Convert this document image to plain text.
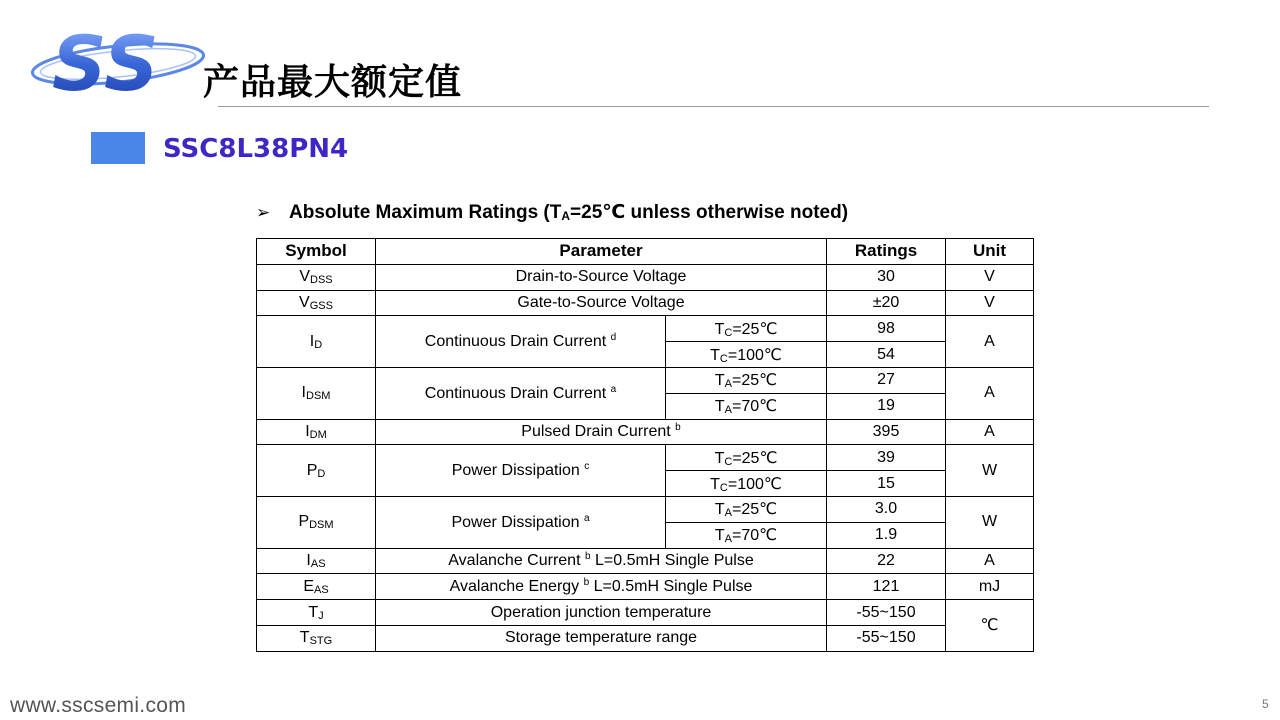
SS 产品最大额定值
SSC8L38PN4
➢ Absolute Maximum Ratings ($T_A=25℃$ unless otherwise noted)
Symbol	Parameter		Ratings	Unit
VDSS	Drain-to-Source Voltage		30	V
VGSS	Gate-to-Source Voltage		±20	V
ID	Continuous Drain Current $^d$	TC=25℃	98	A
		TC=100℃	54	
IDSM	Continuous Drain Current $^a$	TA=25℃	27	A
		TA=70℃	19	
IDM	Pulsed Drain Current $^b$		395	A
PD	Power Dissipation $^c$	TC=25℃	39	W
		TC=100℃	15	
PDSM	Power Dissipation $^a$	TA=25℃	3.0	W
		TA=70℃	1.9	
IAS	Avalanche Current $^b$ L=0.5mH Single Pulse		22	A
EAS	Avalanche Energy $^b$ L=0.5mH Single Pulse		121	mJ
TJ	Operation junction temperature		-55~150	℃
TSTG	Storage temperature range		-55~150	
www.sscsemi.com	5
